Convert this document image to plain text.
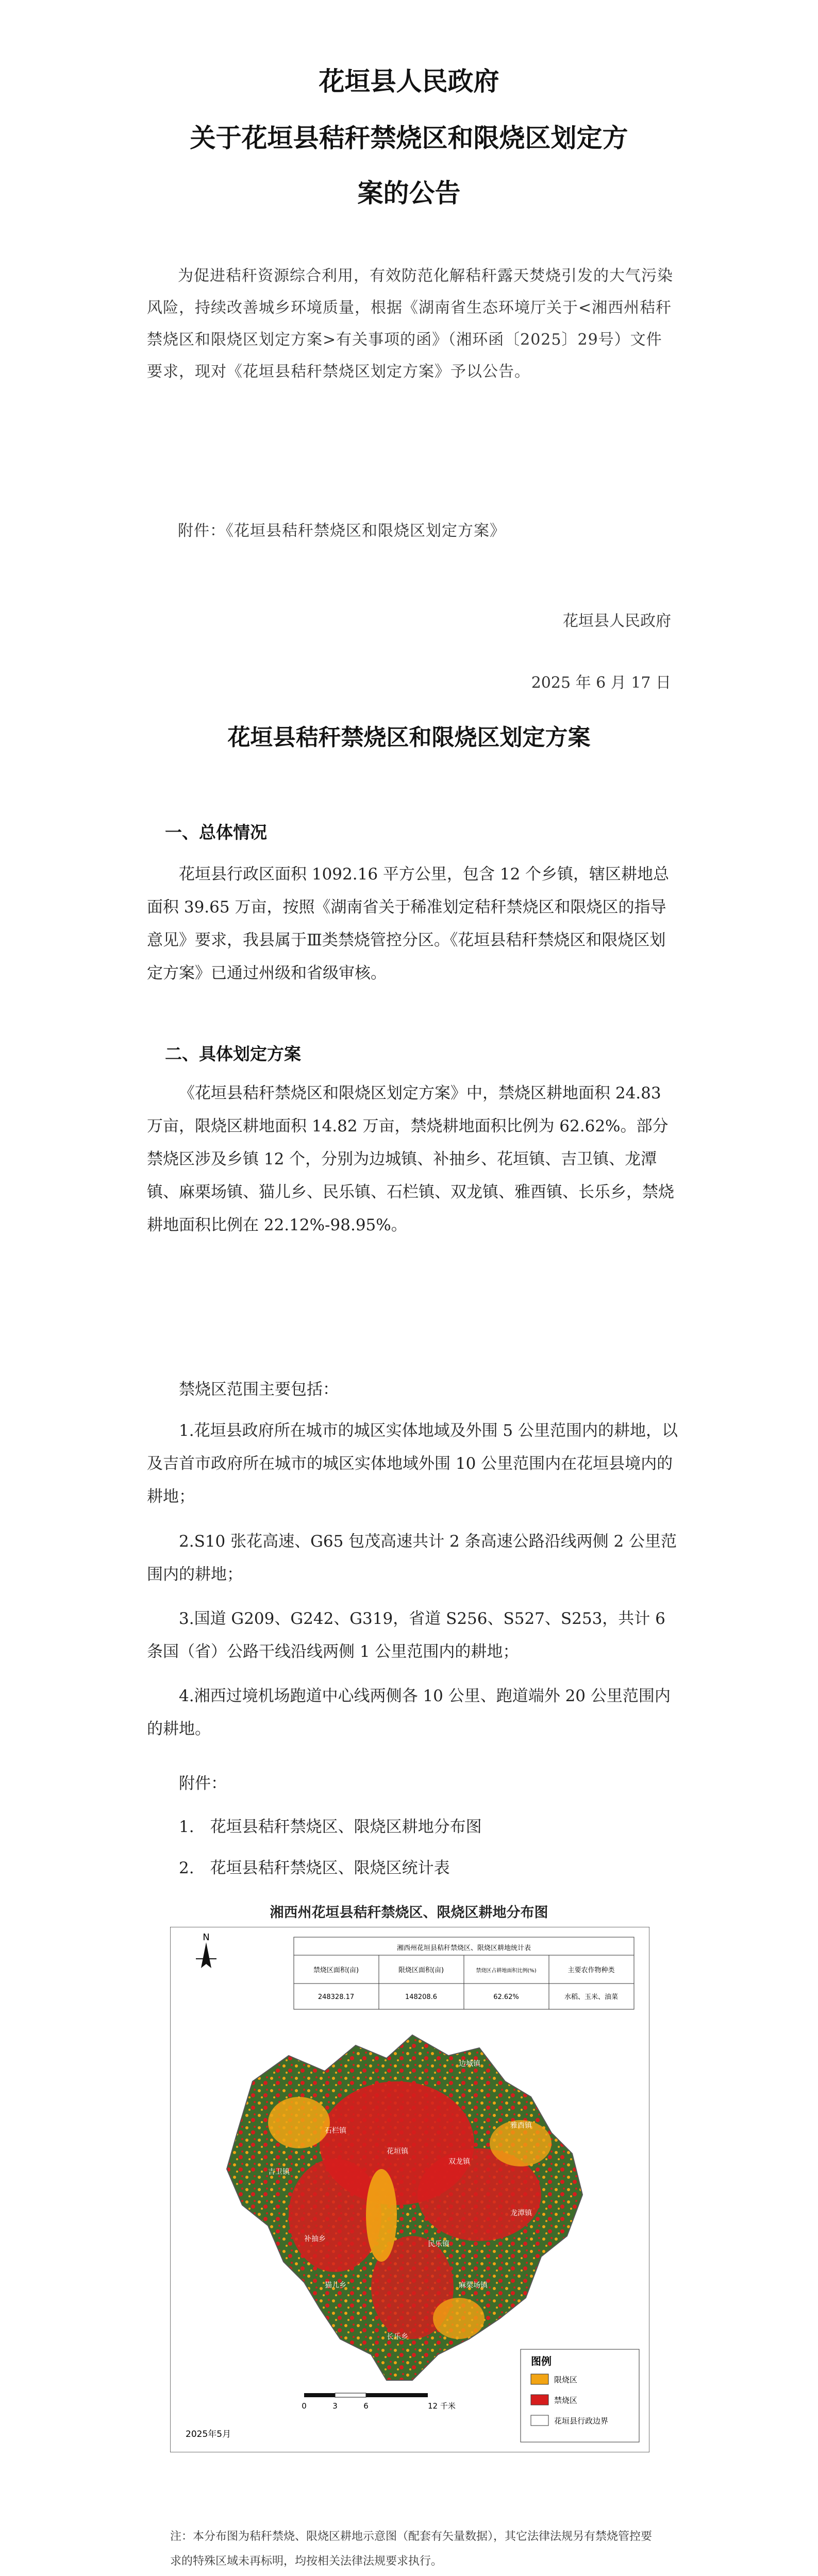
花垣县人民政府
关于花垣县秸秆禁烧区和限烧区划定方
案的公告
为促进秸秆资源综合利用，有效防范化解秸秆露天焚烧引发的大气污染风险，持续改善城乡环境质量，根据《湖南省生态环境厅关于<湘西州秸秆禁烧区和限烧区划定方案>有关事项的函》（湘环函〔2025〕29号）文件要求，现对《花垣县秸秆禁烧区划定方案》予以公告。
附件：《花垣县秸秆禁烧区和限烧区划定方案》
花垣县人民政府
2025 年 6 月 17 日
花垣县秸秆禁烧区和限烧区划定方案
一、总体情况
花垣县行政区面积 1092.16 平方公里，包含 12 个乡镇，辖区耕地总面积 39.65 万亩，按照《湖南省关于稀准划定秸秆禁烧区和限烧区的指导意见》要求，我县属于Ⅲ类禁烧管控分区。《花垣县秸秆禁烧区和限烧区划定方案》已通过州级和省级审核。
二、具体划定方案
《花垣县秸秆禁烧区和限烧区划定方案》中，禁烧区耕地面积 24.83 万亩，限烧区耕地面积 14.82 万亩，禁烧耕地面积比例为 62.62%。部分禁烧区涉及乡镇 12 个，分别为边城镇、补抽乡、花垣镇、吉卫镇、龙潭镇、麻栗场镇、猫儿乡、民乐镇、石栏镇、双龙镇、雅酉镇、长乐乡，禁烧耕地面积比例在 22.12%-98.95%。
禁烧区范围主要包括：
1.花垣县政府所在城市的城区实体地域及外围 5 公里范围内的耕地，以及吉首市政府所在城市的城区实体地域外围 10 公里范围内在花垣县境内的耕地；
2.S10 张花高速、G65 包茂高速共计 2 条高速公路沿线两侧 2 公里范围内的耕地；
3.国道 G209、G242、G319，省道 S256、S527、S253，共计 6 条国（省）公路干线沿线两侧 1 公里范围内的耕地；
4.湘西过境机场跑道中心线两侧各 10 公里、跑道端外 20 公里范围内的耕地。
附件：
1.　花垣县秸秆禁烧区、限烧区耕地分布图
2.　花垣县秸秆禁烧区、限烧区统计表
湘西州花垣县秸秆禁烧区、限烧区耕地分布图
N
湘西州花垣县秸秆禁烧区、限烧区耕地统计表
禁烧区面积(亩)	限烧区面积(亩)	禁烧区占耕地面积比例(%)	主要农作物种类
248328.17	148208.6	62.62%	水稻、玉米、油菜
吉卫镇
补抽乡
猫儿乡
长乐乡
边城镇
雅酉镇
石栏镇
花垣镇
双龙镇
龙潭镇
民乐镇
麻栗场镇
图例
限烧区
禁烧区
花垣县行政边界
0	3	6	12 千米
2025年5月
注：本分布图为秸秆禁烧、限烧区耕地示意图（配套有矢量数据），其它法律法规另有禁烧管控要求的特殊区域未再标明，均按相关法律法规要求执行。
